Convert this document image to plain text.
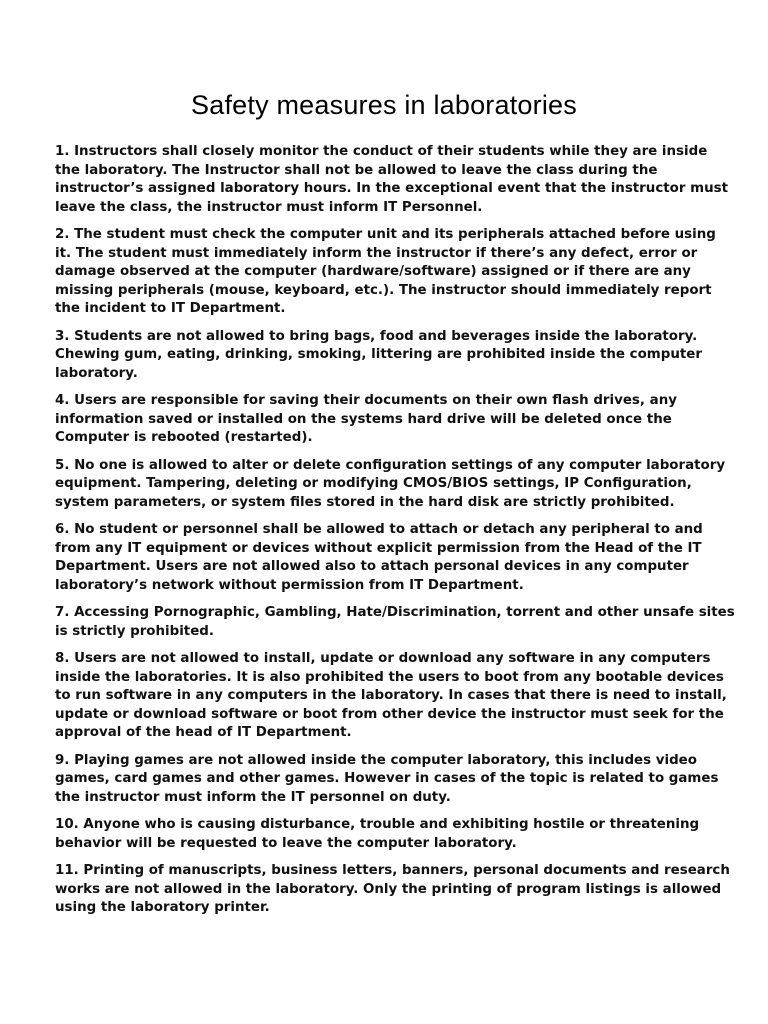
Safety measures in laboratories
1. Instructors shall closely monitor the conduct of their students while they are inside the laboratory. The Instructor shall not be allowed to leave the class during the instructor’s assigned laboratory hours. In the exceptional event that the instructor must leave the class, the instructor must inform IT Personnel.
2. The student must check the computer unit and its peripherals attached before using it. The student must immediately inform the instructor if there’s any defect, error or damage observed at the computer (hardware/software) assigned or if there are any missing peripherals (mouse, keyboard, etc.). The instructor should immediately report the incident to IT Department.
3. Students are not allowed to bring bags, food and beverages inside the laboratory. Chewing gum, eating, drinking, smoking, littering are prohibited inside the computer laboratory.
4. Users are responsible for saving their documents on their own flash drives, any information saved or installed on the systems hard drive will be deleted once the Computer is rebooted (restarted).
5. No one is allowed to alter or delete configuration settings of any computer laboratory equipment. Tampering, deleting or modifying CMOS/BIOS settings, IP Configuration, system parameters, or system files stored in the hard disk are strictly prohibited.
6. No student or personnel shall be allowed to attach or detach any peripheral to and from any IT equipment or devices without explicit permission from the Head of the IT Department. Users are not allowed also to attach personal devices in any computer laboratory’s network without permission from IT Department.
7. Accessing Pornographic, Gambling, Hate/Discrimination, torrent and other unsafe sites is strictly prohibited.
8. Users are not allowed to install, update or download any software in any computers inside the laboratories. It is also prohibited the users to boot from any bootable devices to run software in any computers in the laboratory. In cases that there is need to install, update or download software or boot from other device the instructor must seek for the approval of the head of IT Department.
9. Playing games are not allowed inside the computer laboratory, this includes video games, card games and other games. However in cases of the topic is related to games the instructor must inform the IT personnel on duty.
10. Anyone who is causing disturbance, trouble and exhibiting hostile or threatening behavior will be requested to leave the computer laboratory.
11. Printing of manuscripts, business letters, banners, personal documents and research works are not allowed in the laboratory. Only the printing of program listings is allowed using the laboratory printer.
